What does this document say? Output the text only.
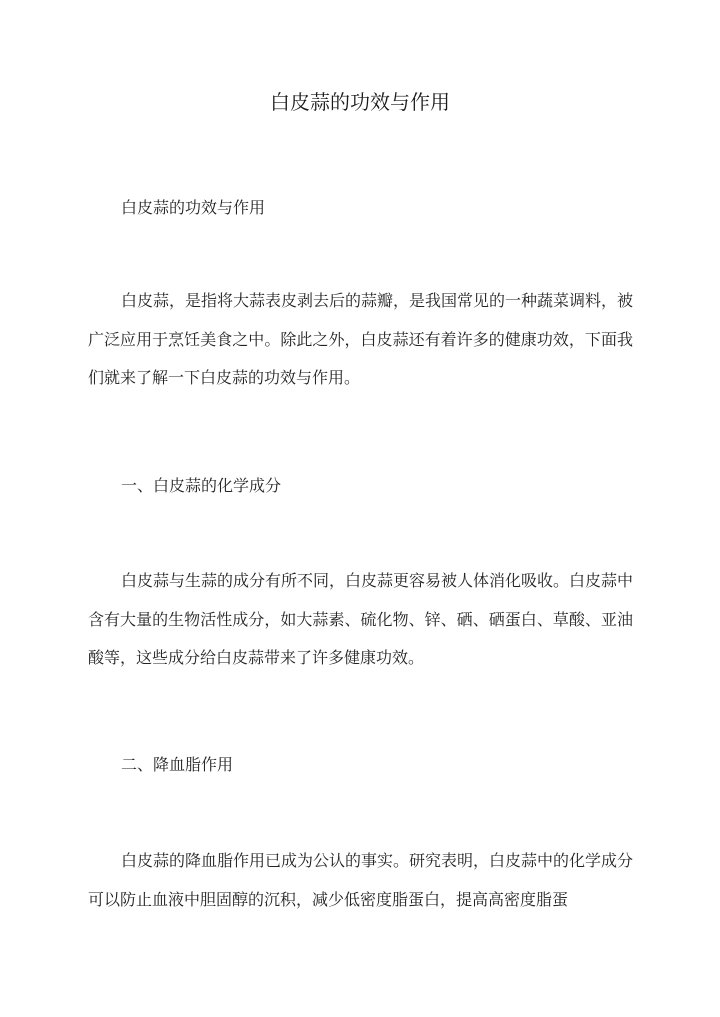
白皮蒜的功效与作用
白皮蒜的功效与作用
白皮蒜，是指将大蒜表皮剥去后的蒜瓣，是我国常见的一种蔬菜调料，被广泛应用于烹饪美食之中。除此之外，白皮蒜还有着许多的健康功效，下面我们就来了解一下白皮蒜的功效与作用。
一、白皮蒜的化学成分
白皮蒜与生蒜的成分有所不同，白皮蒜更容易被人体消化吸收。白皮蒜中含有大量的生物活性成分，如大蒜素、硫化物、锌、硒、硒蛋白、草酸、亚油酸等，这些成分给白皮蒜带来了许多健康功效。
二、降血脂作用
白皮蒜的降血脂作用已成为公认的事实。研究表明，白皮蒜中的化学成分可以防止血液中胆固醇的沉积，减少低密度脂蛋白，提高高密度脂蛋
